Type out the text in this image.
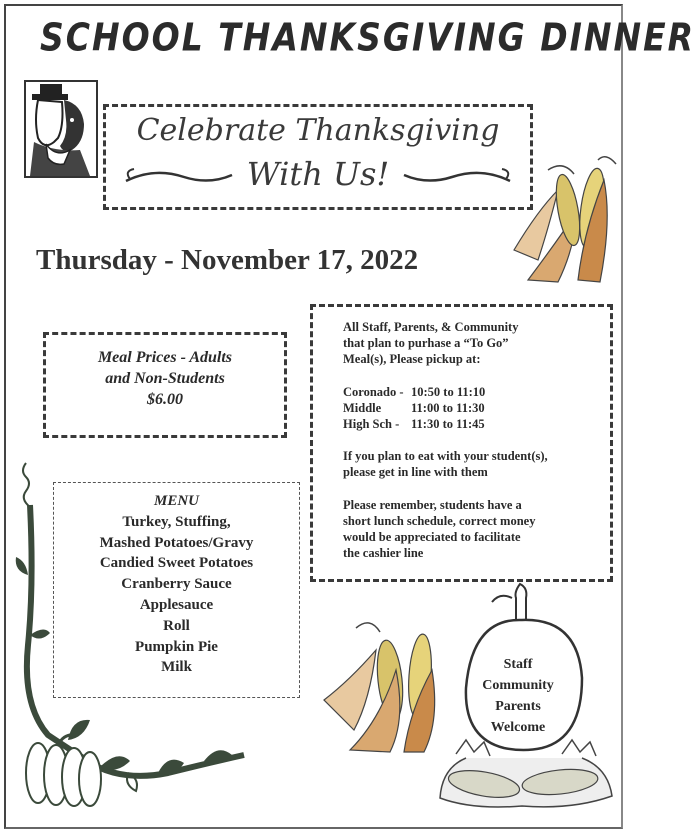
SCHOOL THANKSGIVING DINNER
Celebrate Thanksgiving
With Us!
Thursday - November 17, 2022
Meal Prices - Adults
and Non-Students
$6.00

All Staff, Parents, & Community

that plan to purhase a “To Go”

Meal(s), Please pickup at:

Coronado - 10:50 to 11:10
Middle	11:00 to 11:30
High Sch - 11:30 to 11:45

If you plan to eat with your student(s),

please get in line with them

Please remember, students have a

short lunch schedule, correct money

would be appreciated to facilitate

the cashier line

MENU
Turkey, Stuffing,
Mashed Potatoes/Gravy
Candied Sweet Potatoes
Cranberry Sauce
Applesauce
Roll
Pumpkin Pie
Milk	Staff
Community
Parents
Welcome
